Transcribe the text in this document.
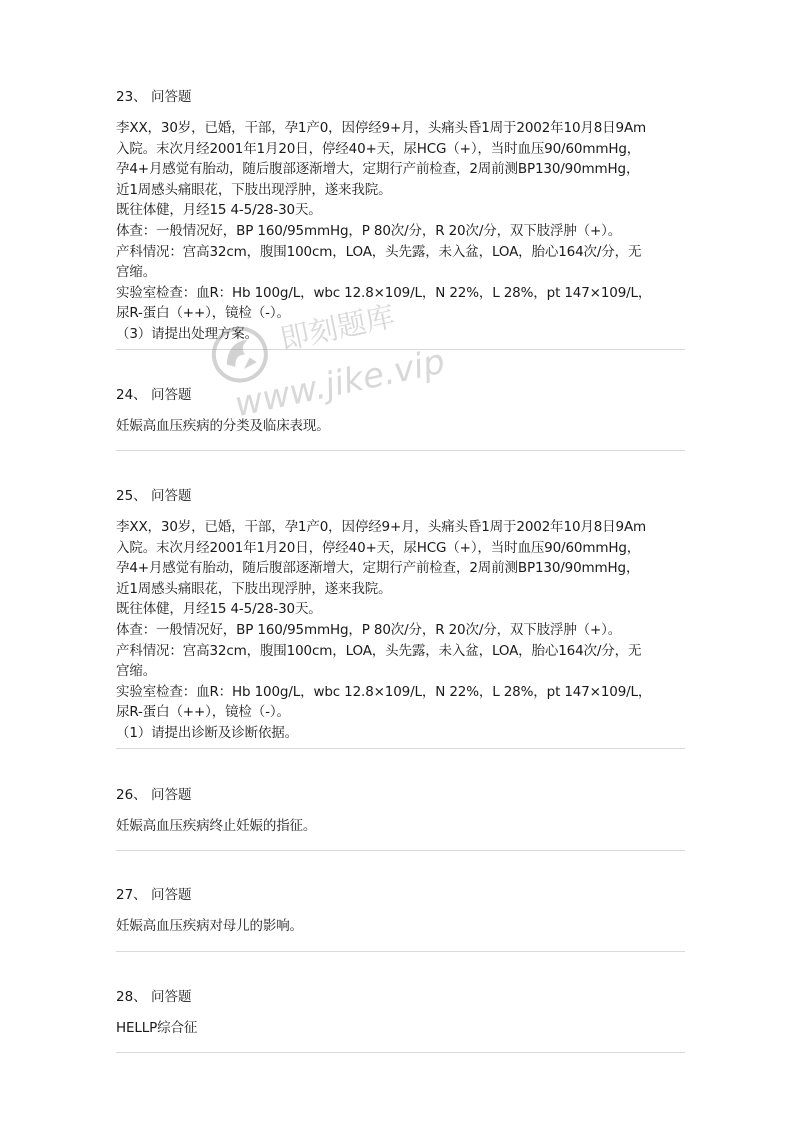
23、 问答题
李XX，30岁，已婚，干部，孕1产0，因停经9+月，头痛头昏1周于2002年10月8日9Am
入院。末次月经2001年1月20日，停经40+天，尿HCG（+），当时血压90/60mmHg，
孕4+月感觉有胎动，随后腹部逐渐增大，定期行产前检查，2周前测BP130/90mmHg，
近1周感头痛眼花，下肢出现浮肿，遂来我院。
既往体健，月经15 4-5/28-30天。
体查：一般情况好，BP 160/95mmHg，P 80次/分，R 20次/分，双下肢浮肿（+）。
产科情况：宫高32cm，腹围100cm，LOA，头先露，未入盆，LOA，胎心164次/分，无
宫缩。
实验室检查：血R：Hb 100g/L，wbc 12.8×109/L，N 22%，L 28%，pt 147×109/L，
尿R-蛋白（++），镜检（-）。
（3）请提出处理方案。
24、 问答题
妊娠高血压疾病的分类及临床表现。
25、 问答题
李XX，30岁，已婚，干部，孕1产0，因停经9+月，头痛头昏1周于2002年10月8日9Am
入院。末次月经2001年1月20日，停经40+天，尿HCG（+），当时血压90/60mmHg，
孕4+月感觉有胎动，随后腹部逐渐增大，定期行产前检查，2周前测BP130/90mmHg，
近1周感头痛眼花，下肢出现浮肿，遂来我院。
既往体健，月经15 4-5/28-30天。
体查：一般情况好，BP 160/95mmHg，P 80次/分，R 20次/分，双下肢浮肿（+）。
产科情况：宫高32cm，腹围100cm，LOA，头先露，未入盆，LOA，胎心164次/分，无
宫缩。
实验室检查：血R：Hb 100g/L，wbc 12.8×109/L，N 22%，L 28%，pt 147×109/L，
尿R-蛋白（++），镜检（-）。
（1）请提出诊断及诊断依据。
26、 问答题
妊娠高血压疾病终止妊娠的指征。
27、 问答题
妊娠高血压疾病对母儿的影响。
28、 问答题
HELLP综合征
即刻题库
www.jike.vip
